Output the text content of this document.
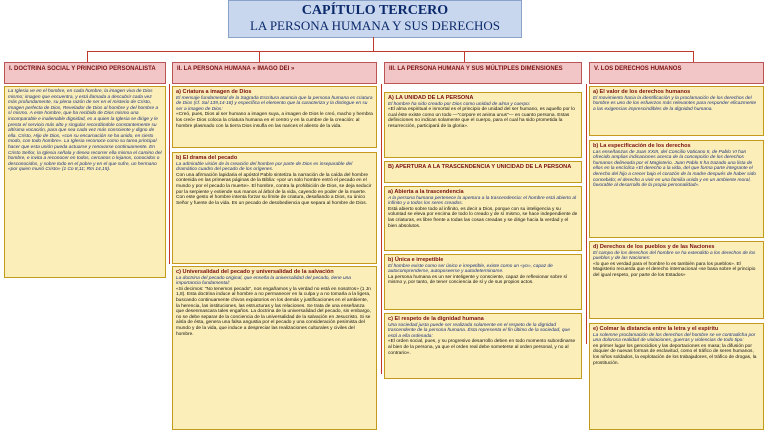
CAPÍTULO TERCERO
LA PERSONA HUMANA Y SUS DERECHOS
I. DOCTRINA SOCIAL Y PRINCIPIO PERSONALISTA
La Iglesia ve en el hombre, en cada hombre, la imagen viva de Dios mismo; imagen que encuentra, y está llamada a descubrir cada vez más profundamente, su plena razón de ser en el misterio de Cristo, Imagen perfecta de Dios, Revelador de Dios al hombre y del hombre a sí mismo. A este hombre, que ha recibido de Dios mismo una incomparable e inalienable dignidad, es a quien la Iglesia se dirige y le presta el servicio más alto y singular recordándole constantemente su altísima vocación, para que sea cada vez más consciente y digno de ella. Cristo, Hijo de Dios, «con su encarnación se ha unido, en cierto modo, con todo hombre». La Iglesia reconoce como su tarea principal hacer que esta unión pueda actuarse y renovarse continuamente. En Cristo Señor, la Iglesia señala y desea recorrer ella misma el camino del hombre, e invita a reconocer en todos, cercanos o lejanos, conocidos o desconocidos, y sobre todo en el pobre y en el que sufre, un hermano «por quien murió Cristo» (1 Co 8,11; Rm 14,15).
II. LA PERSONA HUMANA « IMAGO DEI »
a) Criatura a imagen de Dios
El mensaje fundamental de la Sagrada Escritura anuncia que la persona humana es criatura de Dios (cf. Sal 139,14-18) y específica el elemento que la caracteriza y la distingue en su ser a imagen de Dios:
«Creó, pues, Dios al ser humano a imagen suya, a imagen de Dios le creó, macho y hembra los creó» Dios coloca la criatura humana en el centro y en la cumbre de la creación: al hombre plasmado con la tierra Dios insufla en las narices el aliento de la vida.
b) El drama del pecado
La admirable visión de la creación del hombre por parte de Dios es inseparable del dramático cuadro del pecado de los orígenes.
Con una afirmación lapidaria el apóstol Pablo sintetiza la narración de la caída del hombre contenida en las primeras páginas de la Biblia: «por un solo hombre entró el pecado en el mundo y por el pecado la muerte». El hombre, contra la prohibición de Dios, se deja seducir por la serpiente y extiende sus manos al árbol de la vida, cayendo en poder de la muerte. Con este gesto el hombre intenta forzar su límite de criatura, desafiando a Dios, su único Señor y fuente de la vida. Es un pecado de desobediencia que separa al hombre de Dios.
c) Universalidad del pecado y universalidad de la salvación
La doctrina del pecado original, que enseña la universalidad del pecado, tiene una importancia fundamental:
«Si decimos: "No tenemos pecado", nos engañamos y la verdad no está en nosotros» (1 Jn 1,8). Esta doctrina induce al hombre a no permanecer en la culpa y a no tomarla a la ligera, buscando continuamente chivos expiatorios en los demás y justificaciones en el ambiente, la herencia, las instituciones, las estructuras y las relaciones. Se trata de una enseñanza que desenmascara tales engaños. La doctrina de la universalidad del pecado, sin embargo, no se debe separar de la conciencia de la universalidad de la salvación en Jesucristo. Si se aísla de ésta, genera una falsa angustia por el pecado y una consideración pesimista del mundo y de la vida, que induce a despreciar las realizaciones culturales y civiles del hombre.
III. LA PERSONA HUMANA Y SUS MÚLTIPLES DIMENSIONES
A) LA UNIDAD DE LA PERSONA
El hombre ha sido creado por Dios como unidad de alma y cuerpo:
«El alma espiritual e inmortal es el principio de unidad del ser humano, es aquello por lo cual éste existe como un todo —"corpore et anima unus"— en cuanto persona. Estas definiciones no indican solamente que el cuerpo, para el cual ha sido prometida la resurrección, participará de la gloria».
B) APERTURA A LA TRASCENDENCIA Y UNICIDAD DE LA PERSONA
a) Abierta a la trascendencia
A la persona humana pertenece la apertura a la trascendencia: el hombre está abierto al infinito y a todos los seres creados.
Está abierto sobre todo al infinito, es decir a Dios, porque con su inteligencia y su voluntad se eleva por encima de todo lo creado y de sí mismo, se hace independiente de las criaturas, es libre frente a todas las cosas creadas y se dirige hacia la verdad y el bien absolutos.
b) Única e irrepetible
El hombre existe como ser único e irrepetible, existe como un «yo», capaz de autocomprenderse, autoposeerse y autodeterminarse.
La persona humana es un ser inteligente y consciente, capaz de reflexionar sobre sí mismo y, por tanto, de tener conciencia de sí y de sus propios actos.
c) El respeto de la dignidad humana
Una sociedad justa puede ser realizada solamente en el respeto de la dignidad trascendente de la persona humana. Ésta representa el fin último de la sociedad, que está a ella ordenada:
«El orden social, pues, y su progresivo desarrollo deben en todo momento subordinarse al bien de la persona, ya que el orden real debe someterse al orden personal, y no al contrario».
V. LOS DERECHOS HUMANOS
a) El valor de los derechos humanos
El movimiento hacia la identificación y la proclamación de los derechos del hombre es uno de los esfuerzos más relevantes para responder eficazmente a las exigencias imprescindibles de la dignidad humana.
b) La especificación de los derechos
Las enseñanzas de Juan XXIII, del Concilio Vaticano II, de Pablo VI han ofrecido amplias indicaciones acerca de la concepción de los derechos humanos delineada por el Magisterio. Juan Pablo II ha trazado una lista de ellos en la encíclica «El derecho a la vida, del que forma parte integrante el derecho del hijo a crecer bajo el corazón de la madre después de haber sido concebido; el derecho a vivir en una familia unida y en un ambiente moral, favorable al desarrollo de la propia personalidad».
d) Derechos de los pueblos y de las Naciones
El campo de los derechos del hombre se ha extendido a los derechos de los pueblos y de las Naciones:
«lo que es verdad para el hombre lo es también para los pueblos». El Magisterio recuerda que el derecho internacional «se basa sobre el principio del igual respeto, por parte de los Estados»
e) Colmar la distancia entre la letra y el espíritu
La solemne proclamación de los derechos del hombre se ve contradicha por una dolorosa realidad de violaciones, guerras y violencias de todo tipo:
en primer lugar los genocidios y las deportaciones en masa; la difusión por doquier de nuevas formas de esclavitud, como el tráfico de seres humanos, los niños soldados, la explotación de los trabajadores, el tráfico de drogas, la prostitución.
